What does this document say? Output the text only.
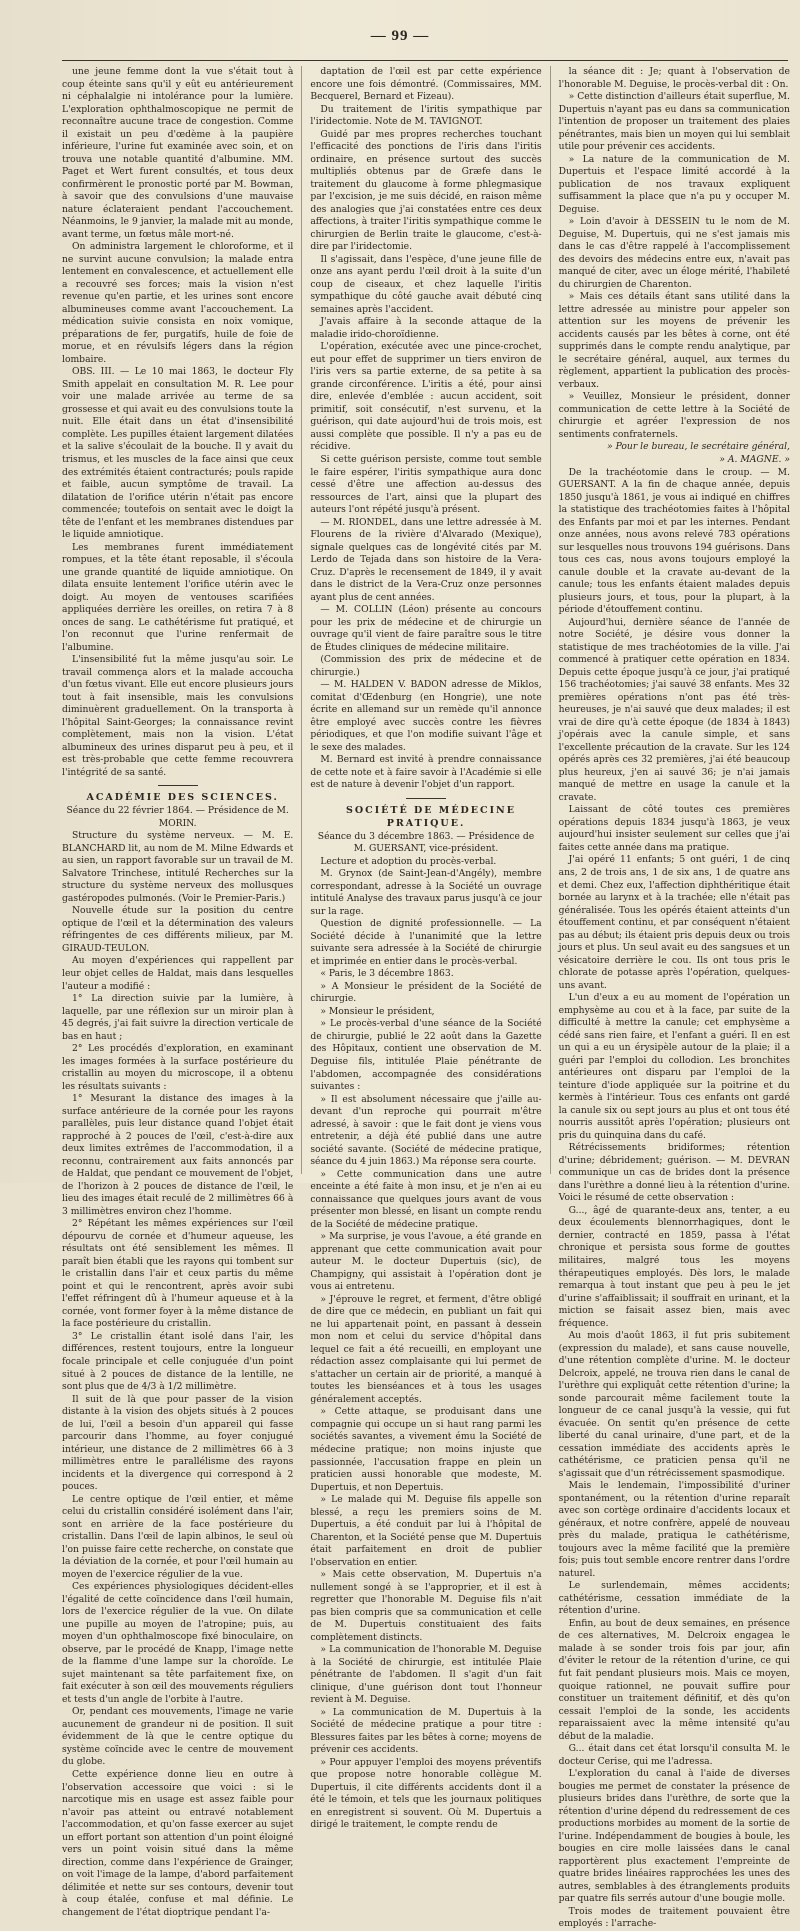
— 99 —

une jeune femme dont la vue s'était tout à coup éteinte sans qu'il y eût eu antérieurement ni céphalalgie ni intolérance pour la lumière. L'exploration ophthalmoscopique ne permit de reconnaître aucune trace de congestion. Comme il existait un peu d'œdème à la paupière inférieure, l'urine fut examinée avec soin, et on trouva une notable quantité d'albumine. MM. Paget et Wert furent consultés, et tous deux confirmèrent le pronostic porté par M. Bowman, à savoir que des convulsions d'une mauvaise nature éclateraient pendant l'accouchement. Néanmoins, le 9 janvier, la malade mit au monde, avant terme, un fœtus mâle mort-né.

On administra largement le chloroforme, et il ne survint aucune convulsion; la malade entra lentement en convalescence, et actuellement elle a recouvré ses forces; mais la vision n'est revenue qu'en partie, et les urines sont encore albumineuses comme avant l'accouchement. La médication suivie consista en noix vomique, préparations de fer, purgatifs, huile de foie de morue, et en révulsifs légers dans la région lombaire.

OBS. III. — Le 10 mai 1863, le docteur Fly Smith appelait en consultation M. R. Lee pour voir une malade arrivée au terme de sa grossesse et qui avait eu des convulsions toute la nuit. Elle était dans un état d'insensibilité complète. Les pupilles étaient largement dilatées et la salive s'écoulait de la bouche. Il y avait du trismus, et les muscles de la face ainsi que ceux des extrémités étaient contracturés; pouls rapide et faible, aucun symptôme de travail. La dilatation de l'orifice utérin n'était pas encore commencée; toutefois on sentait avec le doigt la tête de l'enfant et les membranes distendues par le liquide amniotique.

Les membranes furent immédiatement rompues, et la tête étant reposable, il s'écoula une grande quantité de liquide amniotique. On dilata ensuite lentement l'orifice utérin avec le doigt. Au moyen de ventouses scarifiées appliquées derrière les oreilles, on retira 7 à 8 onces de sang. Le cathétérisme fut pratiqué, et l'on reconnut que l'urine renfermait de l'albumine.

L'insensibilité fut la même jusqu'au soir. Le travail commença alors et la malade accoucha d'un fœtus vivant. Elle eut encore plusieurs jours tout à fait insensible, mais les convulsions diminuèrent graduellement. On la transporta à l'hôpital Saint-Georges; la connaissance revint complètement, mais non la vision. L'état albumineux des urines disparut peu à peu, et il est très-probable que cette femme recouvrera l'intégrité de sa santé.

ACADÉMIE DES SCIENCES.

Séance du 22 février 1864. — Présidence de M. MORIN.

Structure du système nerveux. — M. E. BLANCHARD lit, au nom de M. Milne Edwards et au sien, un rapport favorable sur un travail de M. Salvatore Trinchese, intitulé Recherches sur la structure du système nerveux des mollusques gastéropodes pulmonés. (Voir le Premier-Paris.)

Nouvelle étude sur la position du centre optique de l'œil et la détermination des valeurs réfringentes de ces différents milieux, par M. GIRAUD-TEULON.

Au moyen d'expériences qui rappellent par leur objet celles de Haldat, mais dans lesquelles l'auteur a modifié :

1° La direction suivie par la lumière, à laquelle, par une réflexion sur un miroir plan à 45 degrés, j'ai fait suivre la direction verticale de bas en haut ;

2° Les procédés d'exploration, en examinant les images formées à la surface postérieure du cristallin au moyen du microscope, il a obtenu les résultats suivants :

1° Mesurant la distance des images à la surface antérieure de la cornée pour les rayons parallèles, puis leur distance quand l'objet était rapproché à 2 pouces de l'œil, c'est-à-dire aux deux limites extrêmes de l'accommodation, il a reconnu, contrairement aux faits annoncés par de Haldat, que pendant ce mouvement de l'objet, de l'horizon à 2 pouces de distance de l'œil, le lieu des images était reculé de 2 millimètres 66 à 3 millimètres environ chez l'homme.

2° Répétant les mêmes expériences sur l'œil dépourvu de cornée et d'humeur aqueuse, les résultats ont été sensiblement les mêmes. Il paraît bien établi que les rayons qui tombent sur le cristallin dans l'air et ceux partis du même point et qui le rencontrent, après avoir subi l'effet réfringent dû à l'humeur aqueuse et à la cornée, vont former foyer à la même distance de la face postérieure du cristallin.

3° Le cristallin étant isolé dans l'air, les différences, restent toujours, entre la longueur focale principale et celle conjuguée d'un point situé à 2 pouces de distance de la lentille, ne sont plus que de 4/3 à 1/2 millimètre.

Il suit de là que pour passer de la vision distante à la vision des objets situés à 2 pouces de lui, l'œil a besoin d'un appareil qui fasse parcourir dans l'homme, au foyer conjugué intérieur, une distance de 2 millimètres 66 à 3 millimètres entre le parallélisme des rayons incidents et la divergence qui correspond à 2 pouces.

Le centre optique de l'œil entier, et même celui du cristallin considéré isolément dans l'air, sont en arrière de la face postérieure du cristallin. Dans l'œil de lapin albinos, le seul où l'on puisse faire cette recherche, on constate que la déviation de la cornée, et pour l'œil humain au moyen de l'exercice régulier de la vue.

Ces expériences physiologiques décident-elles l'égalité de cette coïncidence dans l'œil humain, lors de l'exercice régulier de la vue. On dilate une pupille au moyen de l'atropine; puis, au moyen d'un ophthalmoscope fixé binoculaire, on observe, par le procédé de Knapp, l'image nette de la flamme d'une lampe sur la choroïde. Le sujet maintenant sa tête parfaitement fixe, on fait exécuter à son œil des mouvements réguliers et tests d'un angle de l'orbite à l'autre.

Or, pendant ces mouvements, l'image ne varie aucunement de grandeur ni de position. Il suit évidemment de là que le centre optique du système coïncide avec le centre de mouvement du globe.

Cette expérience donne lieu en outre à l'observation accessoire que voici : si le narcotique mis en usage est assez faible pour n'avoir pas atteint ou entravé notablement l'accommodation, et qu'on fasse exercer au sujet un effort portant son attention d'un point éloigné vers un point voisin situé dans la même direction, comme dans l'expérience de Grainger, on voit l'image de la lampe, d'abord parfaitement délimitée et nette sur ses contours, devenir tout à coup étalée, confuse et mal définie. Le changement de l'état dioptrique pendant l'a-

daptation de l'œil est par cette expérience encore une fois démontré. (Commissaires, MM. Becquerel, Bernard et Fizeau).

Du traitement de l'iritis sympathique par l'iridectomie. Note de M. TAVIGNOT.

Guidé par mes propres recherches touchant l'efficacité des ponctions de l'iris dans l'iritis ordinaire, en présence surtout des succès multipliés obtenus par de Græfe dans le traitement du glaucome à forme phlegmasique par l'excision, je me suis décidé, en raison même des analogies que j'ai constatées entre ces deux affections, à traiter l'iritis sympathique comme le chirurgien de Berlin traite le glaucome, c'est-à-dire par l'iridectomie.

Il s'agissait, dans l'espèce, d'une jeune fille de onze ans ayant perdu l'œil droit à la suite d'un coup de ciseaux, et chez laquelle l'iritis sympathique du côté gauche avait débuté cinq semaines après l'accident.

J'avais affaire à la seconde attaque de la maladie irido-choroïdienne.

L'opération, exécutée avec une pince-crochet, eut pour effet de supprimer un tiers environ de l'iris vers sa partie externe, de sa petite à sa grande circonférence. L'iritis a été, pour ainsi dire, enlevée d'emblée : aucun accident, soit primitif, soit consécutif, n'est survenu, et la guérison, qui date aujourd'hui de trois mois, est aussi complète que possible. Il n'y a pas eu de récidive.

Si cette guérison persiste, comme tout semble le faire espérer, l'iritis sympathique aura donc cessé d'être une affection au-dessus des ressources de l'art, ainsi que la plupart des auteurs l'ont répété jusqu'à présent.

— M. RIONDEL, dans une lettre adressée à M. Flourens de la rivière d'Alvarado (Mexique), signale quelques cas de longévité cités par M. Lerdo de Tejada dans son histoire de la Vera-Cruz. D'après le recensement de 1849, il y avait dans le district de la Vera-Cruz onze personnes ayant plus de cent années.

— M. COLLIN (Léon) présente au concours pour les prix de médecine et de chirurgie un ouvrage qu'il vient de faire paraître sous le titre de Études cliniques de médecine militaire.

(Commission des prix de médecine et de chirurgie.)

— M. HALDEN V. BADON adresse de Miklos, comitat d'Œdenburg (en Hongrie), une note écrite en allemand sur un remède qu'il annonce être employé avec succès contre les fièvres périodiques, et que l'on modifie suivant l'âge et le sexe des malades.

M. Bernard est invité à prendre connaissance de cette note et à faire savoir à l'Académie si elle est de nature à devenir l'objet d'un rapport.

SOCIÉTÉ DE MÉDECINE PRATIQUE.

Séance du 3 décembre 1863. — Présidence de M. GUERSANT, vice-président.

Lecture et adoption du procès-verbal.

M. Grynox (de Saint-Jean-d'Angély), membre correspondant, adresse à la Société un ouvrage intitulé Analyse des travaux parus jusqu'à ce jour sur la rage.

Question de dignité professionnelle. — La Société décide à l'unanimité que la lettre suivante sera adressée à la Société de chirurgie et imprimée en entier dans le procès-verbal.

« Paris, le 3 décembre 1863.

» A Monsieur le président de la Société de chirurgie.

» Monsieur le président,

» Le procès-verbal d'une séance de la Société de chirurgie, publié le 22 août dans la Gazette des Hôpitaux, contient une observation de M. Deguise fils, intitulée Plaie pénétrante de l'abdomen, accompagnée des considérations suivantes :

» Il est absolument nécessaire que j'aille au-devant d'un reproche qui pourrait m'être adressé, à savoir : que le fait dont je viens vous entretenir, a déjà été publié dans une autre société savante. (Société de médecine pratique, séance du 4 juin 1863.) Ma réponse sera courte.

» Cette communication dans une autre enceinte a été faite à mon insu, et je n'en ai eu connaissance que quelques jours avant de vous présenter mon blessé, en lisant un compte rendu de la Société de médecine pratique.

» Ma surprise, je vous l'avoue, a été grande en apprenant que cette communication avait pour auteur M. le docteur Dupertuis (sic), de Champigny, qui assistait à l'opération dont je vous ai entretenu.

» J'éprouve le regret, et ferment, d'être obligé de dire que ce médecin, en publiant un fait qui ne lui appartenait point, en passant à dessein mon nom et celui du service d'hôpital dans lequel ce fait a été recueilli, en employant une rédaction assez complaisante qui lui permet de s'attacher un certain air de priorité, a manqué à toutes les bienséances et à tous les usages généralement acceptés.

» Cette attaque, se produisant dans une compagnie qui occupe un si haut rang parmi les sociétés savantes, a vivement ému la Société de médecine pratique; non moins injuste que passionnée, l'accusation frappe en plein un praticien aussi honorable que modeste, M. Dupertuis, et non Depertuis.

» Le malade qui M. Deguise fils appelle son blessé, a reçu les premiers soins de M. Dupertuis, a été conduit par lui à l'hôpital de Charenton, et la Société pense que M. Dupertuis était parfaitement en droit de publier l'observation en entier.

» Mais cette observation, M. Dupertuis n'a nullement songé à se l'approprier, et il est à regretter que l'honorable M. Deguise fils n'ait pas bien compris que sa communication et celle de M. Dupertuis constituaient des faits complètement distincts.

» La communication de l'honorable M. Deguise à la Société de chirurgie, est intitulée Plaie pénétrante de l'abdomen. Il s'agit d'un fait clinique, d'une guérison dont tout l'honneur revient à M. Deguise.

» La communication de M. Dupertuis à la Société de médecine pratique a pour titre : Blessures faites par les bêtes à corne; moyens de prévenir ces accidents.

» Pour appuyer l'emploi des moyens préventifs que propose notre honorable collègue M. Dupertuis, il cite différents accidents dont il a été le témoin, et tels que les journaux politiques en enregistrent si souvent. Où M. Dupertuis a dirigé le traitement, le compte rendu de

la séance dit : Je; quant à l'observation de l'honorable M. Deguise, le procès-verbal dit : On.

» Cette distinction d'ailleurs était superflue, M. Dupertuis n'ayant pas eu dans sa communication l'intention de proposer un traitement des plaies pénétrantes, mais bien un moyen qui lui semblait utile pour prévenir ces accidents.

» La nature de la communication de M. Dupertuis et l'espace limité accordé à la publication de nos travaux expliquent suffisamment la place que n'a pu y occuper M. Deguise.

» Loin d'avoir à DESSEIN tu le nom de M. Deguise, M. Dupertuis, qui ne s'est jamais mis dans le cas d'être rappelé à l'accomplissement des devoirs des médecins entre eux, n'avait pas manqué de citer, avec un éloge mérité, l'habileté du chirurgien de Charenton.

» Mais ces détails étant sans utilité dans la lettre adressée au ministre pour appeler son attention sur les moyens de prévenir les accidents causés par les bêtes à corne, ont été supprimés dans le compte rendu analytique, par le secrétaire général, auquel, aux termes du règlement, appartient la publication des procès-verbaux.

» Veuillez, Monsieur le président, donner communication de cette lettre à la Société de chirurgie et agréer l'expression de nos sentiments confraternels.

» Pour le bureau, le secrétaire général,

» A. MAGNE. »

De la trachéotomie dans le croup. — M. GUERSANT. A la fin de chaque année, depuis 1850 jusqu'à 1861, je vous ai indiqué en chiffres la statistique des trachéotomies faites à l'hôpital des Enfants par moi et par les internes. Pendant onze années, nous avons relevé 783 opérations sur lesquelles nous trouvons 194 guérisons. Dans tous ces cas, nous avons toujours employé la canule double et la cravate au-devant de la canule; tous les enfants étaient malades depuis plusieurs jours, et tous, pour la plupart, à la période d'étouffement continu.

Aujourd'hui, dernière séance de l'année de notre Société, je désire vous donner la statistique de mes trachéotomies de la ville. J'ai commencé à pratiquer cette opération en 1834. Depuis cette époque jusqu'à ce jour, j'ai pratiqué 156 trachéotomies; j'ai sauvé 38 enfants. Mes 32 premières opérations n'ont pas été très-heureuses, je n'ai sauvé que deux malades; il est vrai de dire qu'à cette époque (de 1834 à 1843) j'opérais avec la canule simple, et sans l'excellente précaution de la cravate. Sur les 124 opérés après ces 32 premières, j'ai été beaucoup plus heureux, j'en ai sauvé 36; je n'ai jamais manqué de mettre en usage la canule et la cravate.

Laissant de côté toutes ces premières opérations depuis 1834 jusqu'à 1863, je veux aujourd'hui insister seulement sur celles que j'ai faites cette année dans ma pratique.

J'ai opéré 11 enfants; 5 ont guéri, 1 de cinq ans, 2 de trois ans, 1 de six ans, 1 de quatre ans et demi. Chez eux, l'affection diphthéritique était bornée au larynx et à la trachée; elle n'était pas généralisée. Tous les opérés étaient atteints d'un étouffement continu, et par conséquent n'étaient pas au début; ils étaient pris depuis deux ou trois jours et plus. Un seul avait eu des sangsues et un vésicatoire derrière le cou. Ils ont tous pris le chlorate de potasse après l'opération, quelques-uns avant.

L'un d'eux a eu au moment de l'opération un emphysème au cou et à la face, par suite de la difficulté à mettre la canule; cet emphysème a cédé sans rien faire, et l'enfant a guéri. Il en est un qui a eu un érysipèle autour de la plaie; il a guéri par l'emploi du collodion. Les bronchites antérieures ont disparu par l'emploi de la teinture d'iode appliquée sur la poitrine et du kermès à l'intérieur. Tous ces enfants ont gardé la canule six ou sept jours au plus et ont tous été nourris aussitôt après l'opération; plusieurs ont pris du quinquina dans du café.

Rétrécissements bridiformes; rétention d'urine; débridement; guérison. — M. DEVRAN communique un cas de brides dont la présence dans l'urèthre a donné lieu à la rétention d'urine. Voici le résumé de cette observation :

G..., âgé de quarante-deux ans, tenter, a eu deux écoulements blennorrhagiques, dont le dernier, contracté en 1859, passa à l'état chronique et persista sous forme de gouttes militaires, malgré tous les moyens thérapeutiques employés. Dès lors, le malade remarqua à tout instant que peu à peu le jet d'urine s'affaiblissait; il souffrait en urinant, et la miction se faisait assez bien, mais avec fréquence.

Au mois d'août 1863, il fut pris subitement (expression du malade), et sans cause nouvelle, d'une rétention complète d'urine. M. le docteur Delcroix, appelé, ne trouva rien dans le canal de l'urèthre qui expliquât cette rétention d'urine; la sonde parcourait même facilement toute la longueur de ce canal jusqu'à la vessie, qui fut évacuée. On sentit qu'en présence de cette liberté du canal urinaire, d'une part, et de la cessation immédiate des accidents après le cathétérisme, ce praticien pensa qu'il ne s'agissait que d'un rétrécissement spasmodique.

Mais le lendemain, l'impossibilité d'uriner spontanément, ou la rétention d'urine reparaît avec son cortège ordinaire d'accidents locaux et généraux, et notre confrère, appelé de nouveau près du malade, pratiqua le cathétérisme, toujours avec la même facilité que la première fois; puis tout semble encore rentrer dans l'ordre naturel.

Le surlendemain, mêmes accidents; cathétérisme, cessation immédiate de la rétention d'urine.

Enfin, au bout de deux semaines, en présence de ces alternatives, M. Delcroix engagea le malade à se sonder trois fois par jour, afin d'éviter le retour de la rétention d'urine, ce qui fut fait pendant plusieurs mois. Mais ce moyen, quoique rationnel, ne pouvait suffire pour constituer un traitement définitif, et dès qu'on cessait l'emploi de la sonde, les accidents reparaissaient avec la même intensité qu'au début de la maladie.

G... était dans cet état lorsqu'il consulta M. le docteur Cerise, qui me l'adressa.

L'exploration du canal à l'aide de diverses bougies me permet de constater la présence de plusieurs brides dans l'urèthre, de sorte que la rétention d'urine dépend du redressement de ces productions morbides au moment de la sortie de l'urine. Indépendamment de bougies à boule, les bougies en cire molle laissées dans le canal rapportèrent plus exactement l'empreinte de quatre brides linéaires rapprochées les unes des autres, semblables à des étranglements produits par quatre fils serrés autour d'une bougie molle.

Trois modes de traitement pouvaient être employés : l'arrache-
